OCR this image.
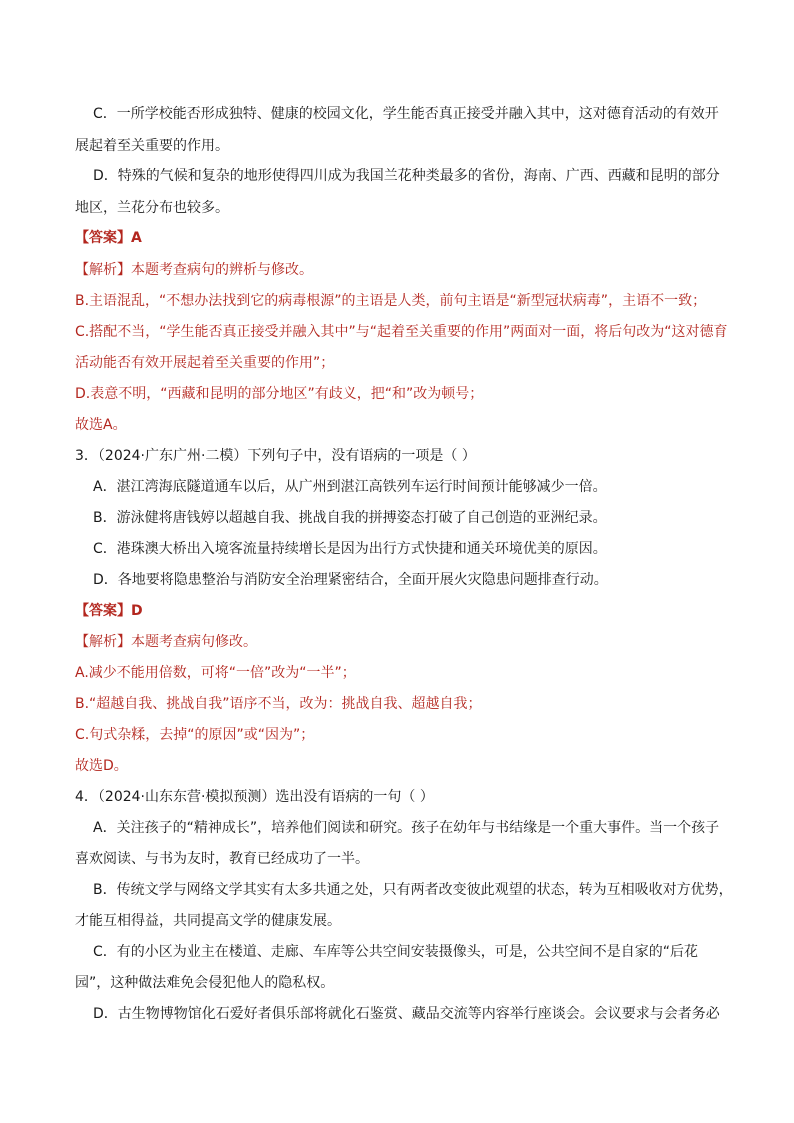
C．一所学校能否形成独特、健康的校园文化，学生能否真正接受并融入其中，这对德育活动的有效开
展起着至关重要的作用。
D．特殊的气候和复杂的地形使得四川成为我国兰花种类最多的省份，海南、广西、西藏和昆明的部分
地区，兰花分布也较多。
【答案】A
【解析】本题考查病句的辨析与修改。
B.主语混乱，“不想办法找到它的病毒根源”的主语是人类，前句主语是“新型冠状病毒”，主语不一致；
C.搭配不当，“学生能否真正接受并融入其中”与“起着至关重要的作用”两面对一面，将后句改为“这对德育
活动能否有效开展起着至关重要的作用”；
D.表意不明，“西藏和昆明的部分地区”有歧义，把“和”改为顿号；
故选A。
3．（2024·广东广州·二模）下列句子中，没有语病的一项是（ ）
A．湛江湾海底隧道通车以后，从广州到湛江高铁列车运行时间预计能够减少一倍。
B．游泳健将唐钱婷以超越自我、挑战自我的拼搏姿态打破了自己创造的亚洲纪录。
C．港珠澳大桥出入境客流量持续增长是因为出行方式快捷和通关环境优美的原因。
D．各地要将隐患整治与消防安全治理紧密结合，全面开展火灾隐患问题排查行动。
【答案】D
【解析】本题考查病句修改。
A.减少不能用倍数，可将“一倍”改为“一半”；
B.“超越自我、挑战自我”语序不当，改为：挑战自我、超越自我；
C.句式杂糅，去掉“的原因”或“因为”；
故选D。
4．（2024·山东东营·模拟预测）选出没有语病的一句（ ）
A．关注孩子的“精神成长”，培养他们阅读和研究。孩子在幼年与书结缘是一个重大事件。当一个孩子
喜欢阅读、与书为友时，教育已经成功了一半。
B．传统文学与网络文学其实有太多共通之处，只有两者改变彼此观望的状态，转为互相吸收对方优势，
才能互相得益，共同提高文学的健康发展。
C．有的小区为业主在楼道、走廊、车库等公共空间安装摄像头，可是，公共空间不是自家的“后花
园”，这种做法难免会侵犯他人的隐私权。
D．古生物博物馆化石爱好者俱乐部将就化石鉴赏、藏品交流等内容举行座谈会。会议要求与会者务必
